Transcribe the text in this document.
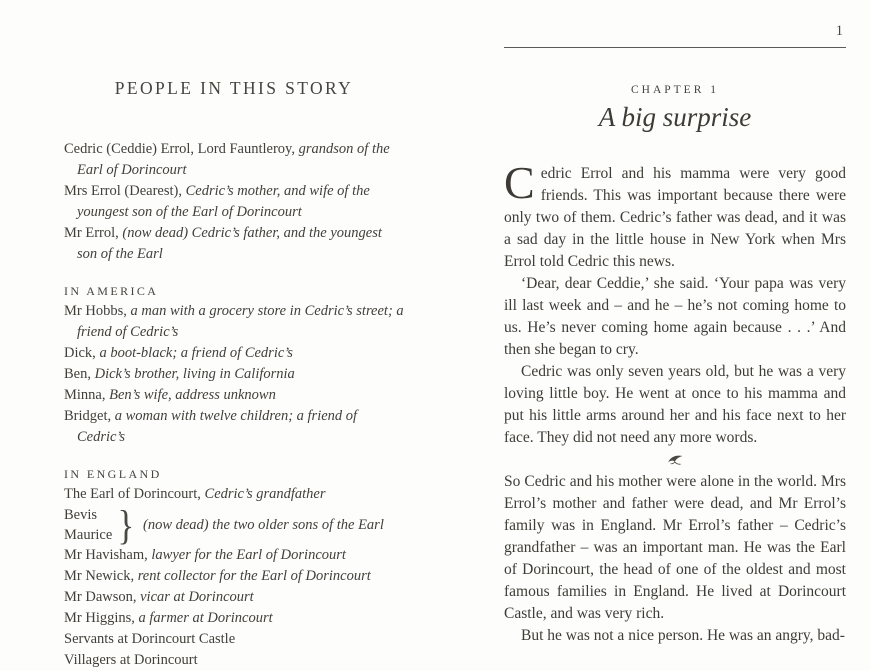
PEOPLE IN THIS STORY

Cedric (Ceddie) Errol, Lord Fauntleroy, grandson of the Earl of Dorincourt

Mrs Errol (Dearest), Cedric’s mother, and wife of the youngest son of the Earl of Dorincourt

Mr Errol, (now dead) Cedric’s father, and the youngest son of the Earl

IN AMERICA

Mr Hobbs, a man with a grocery store in Cedric’s street; a friend of Cedric’s

Dick, a boot-black; a friend of Cedric’s

Ben, Dick’s brother, living in California

Minna, Ben’s wife, address unknown

Bridget, a woman with twelve children; a friend of Cedric’s

IN ENGLAND

The Earl of Dorincourt, Cedric’s grandfather

Bevis
Maurice } (now dead) the two older sons of the Earl

Mr Havisham, lawyer for the Earl of Dorincourt

Mr Newick, rent collector for the Earl of Dorincourt

Mr Dawson, vicar at Dorincourt

Mr Higgins, a farmer at Dorincourt

Servants at Dorincourt Castle

Villagers at Dorincourt

1
CHAPTER 1
A big surprise

Cedric Errol and his mamma were very good friends. This was important because there were only two of them. Cedric’s father was dead, and it was a sad day in the little house in New York when Mrs Errol told Cedric this news.

‘Dear, dear Ceddie,’ she said. ‘Your papa was very ill last week and – and he – he’s not coming home to us. He’s never coming home again because . . .’ And then she began to cry.

Cedric was only seven years old, but he was a very loving little boy. He went at once to his mamma and put his little arms around her and his face next to her face. They did not need any more words.

So Cedric and his mother were alone in the world. Mrs Errol’s mother and father were dead, and Mr Errol’s family was in England. Mr Errol’s father – Cedric’s grandfather – was an important man. He was the Earl of Dorincourt, the head of one of the oldest and most famous families in England. He lived at Dorincourt Castle, and was very rich.

But he was not a nice person. He was an angry, bad-
